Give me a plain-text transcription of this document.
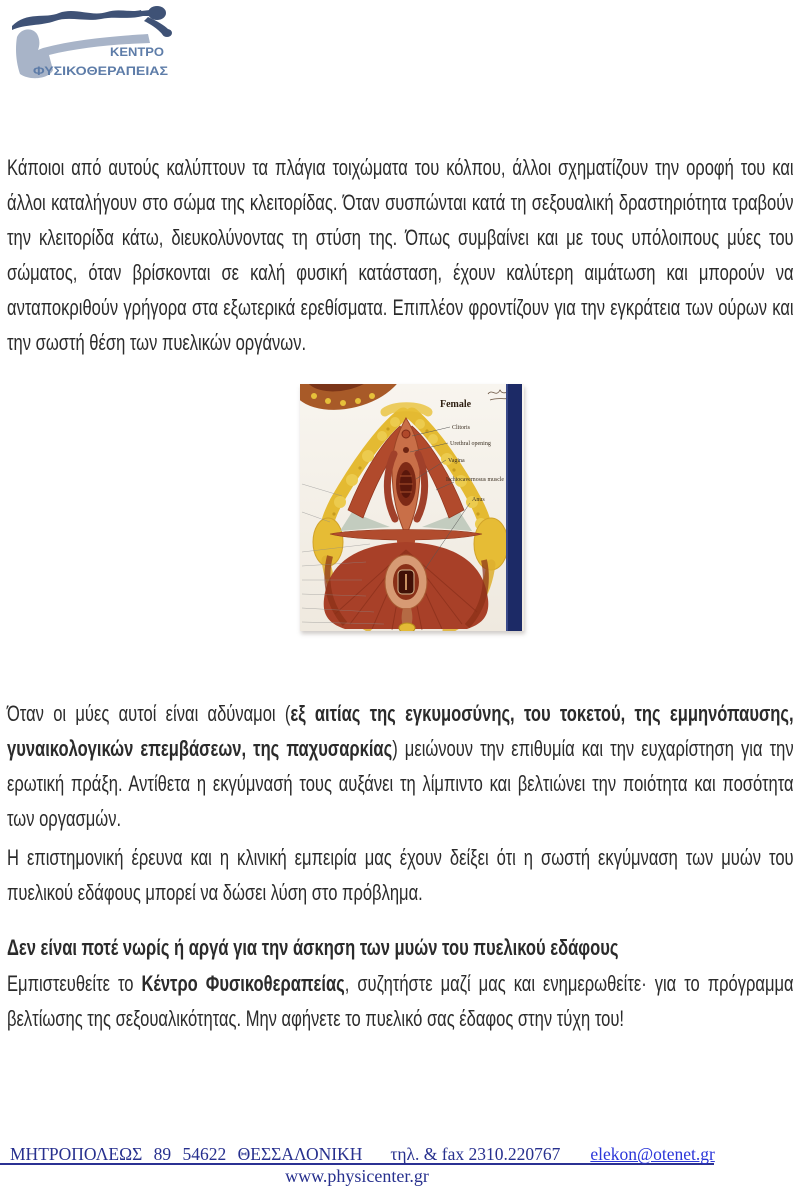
ΚΕΝΤΡΟ
ΦΥΣΙΚΟΘΕΡΑΠΕΙΑΣ

Κάποιοι από αυτούς καλύπτουν τα πλάγια τοιχώματα του κόλπου, άλλοι σχηματίζουν την οροφή του και άλλοι καταλήγουν στο σώμα της κλειτορίδας. Όταν συσπώνται κατά τη σεξουαλική δραστηριότητα τραβούν την κλειτορίδα κάτω, διευκολύνοντας τη στύση της. Όπως συμβαίνει και με τους υπόλοιπους μύες του σώματος, όταν βρίσκονται σε καλή φυσική κατάσταση, έχουν καλύτερη αιμάτωση και μπορούν να ανταποκριθούν γρήγορα στα εξωτερικά ερεθίσματα. Επιπλέον φροντίζουν για την εγκράτεια των ούρων και την σωστή θέση των πυελικών οργάνων.

Female
Clitoris
Urethral opening
Vagina
Ischiocavernosus muscle
Anus

Όταν οι μύες αυτοί είναι αδύναμοι (εξ αιτίας της εγκυμοσύνης, του τοκετού, της εμμηνόπαυσης, γυναικολογικών επεμβάσεων, της παχυσαρκίας) μειώνουν την επιθυμία και την ευχαρίστηση για την ερωτική πράξη. Αντίθετα η εκγύμνασή τους αυξάνει τη λίμπιντο και βελτιώνει την ποιότητα και ποσότητα των οργασμών.

Η επιστημονική έρευνα και η κλινική εμπειρία μας έχουν δείξει ότι η σωστή εκγύμναση των μυών του πυελικού εδάφους μπορεί να δώσει λύση στο πρόβλημα.

Δεν είναι ποτέ νωρίς ή αργά για την άσκηση των μυών του πυελικού εδάφους

Εμπιστευθείτε το Κέντρο Φυσικοθεραπείας, συζητήστε μαζί μας και ενημερωθείτε· για το πρόγραμμα βελτίωσης της σεξουαλικότητας. Μην αφήνετε το πυελικό σας έδαφος στην τύχη του!

ΜΗΤΡΟΠΟΛΕΩΣ 89 54622 ΘΕΣΣΑΛΟΝΙΚΗ τηλ. & fax 2310.220767 elekon@otenet.gr
www.physicenter.gr
